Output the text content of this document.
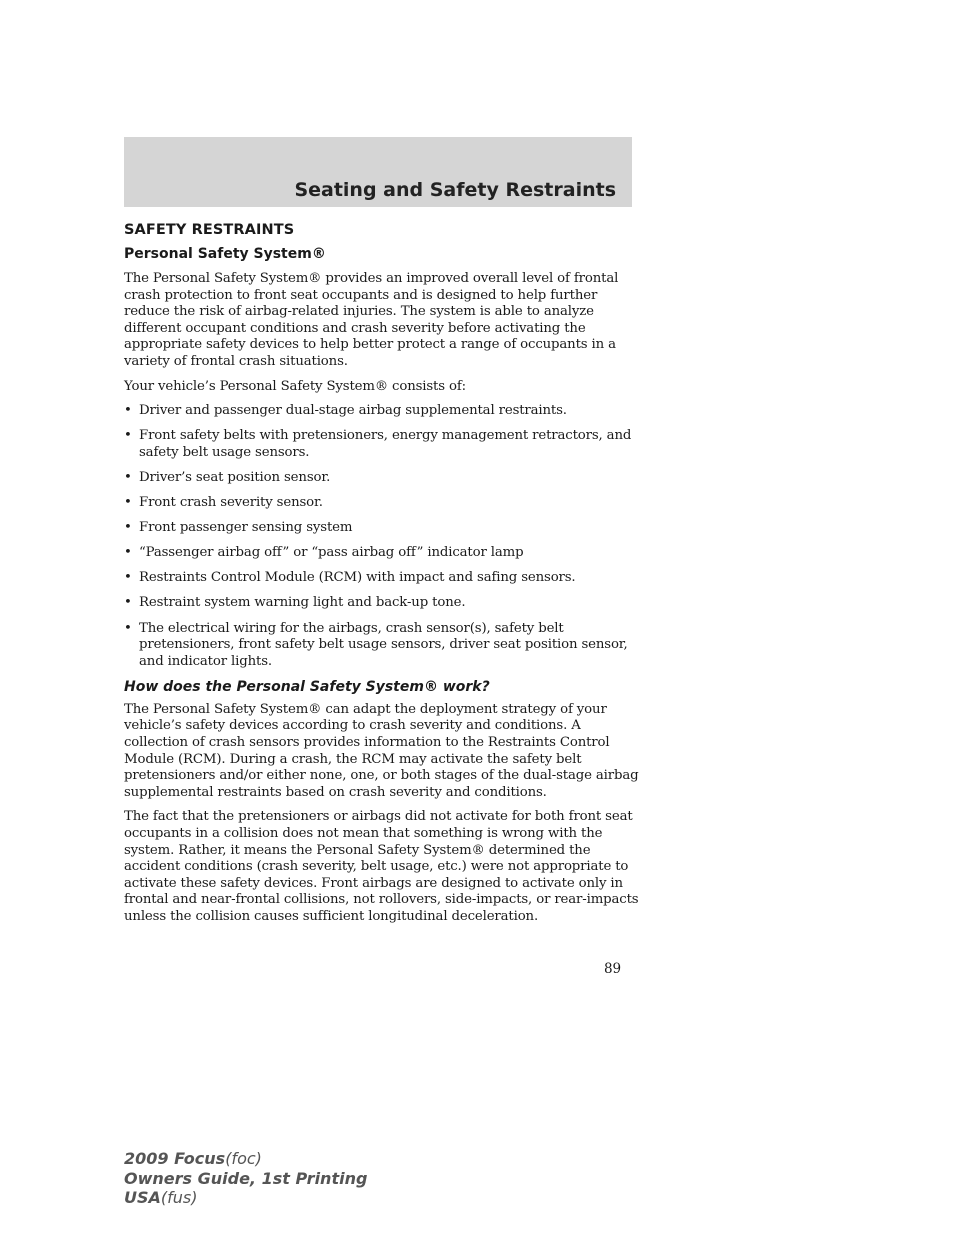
Seating and Safety Restraints
SAFETY RESTRAINTS
Personal Safety System®

The Personal Safety System® provides an improved overall level of frontal crash protection to front seat occupants and is designed to help further reduce the risk of airbag-related injuries. The system is able to analyze different occupant conditions and crash severity before activating the appropriate safety devices to help better protect a range of occupants in a variety of frontal crash situations.

Your vehicle’s Personal Safety System® consists of:

• Driver and passenger dual-stage airbag supplemental restraints.
• Front safety belts with pretensioners, energy management retractors, and safety belt usage sensors.
• Driver’s seat position sensor.
• Front crash severity sensor.
• Front passenger sensing system
• “Passenger airbag off” or “pass airbag off” indicator lamp
• Restraints Control Module (RCM) with impact and safing sensors.
• Restraint system warning light and back-up tone.
• The electrical wiring for the airbags, crash sensor(s), safety belt pretensioners, front safety belt usage sensors, driver seat position sensor, and indicator lights.
How does the Personal Safety System® work?

The Personal Safety System® can adapt the deployment strategy of your vehicle’s safety devices according to crash severity and conditions. A collection of crash sensors provides information to the Restraints Control Module (RCM). During a crash, the RCM may activate the safety belt pretensioners and/or either none, one, or both stages of the dual-stage airbag supplemental restraints based on crash severity and conditions.

The fact that the pretensioners or airbags did not activate for both front seat occupants in a collision does not mean that something is wrong with the system. Rather, it means the Personal Safety System® determined the accident conditions (crash severity, belt usage, etc.) were not appropriate to activate these safety devices. Front airbags are designed to activate only in frontal and near-frontal collisions, not rollovers, side-impacts, or rear-impacts unless the collision causes sufficient longitudinal deceleration.

89

2009 Focus(foc)
Owners Guide, 1st Printing
USA(fus)
